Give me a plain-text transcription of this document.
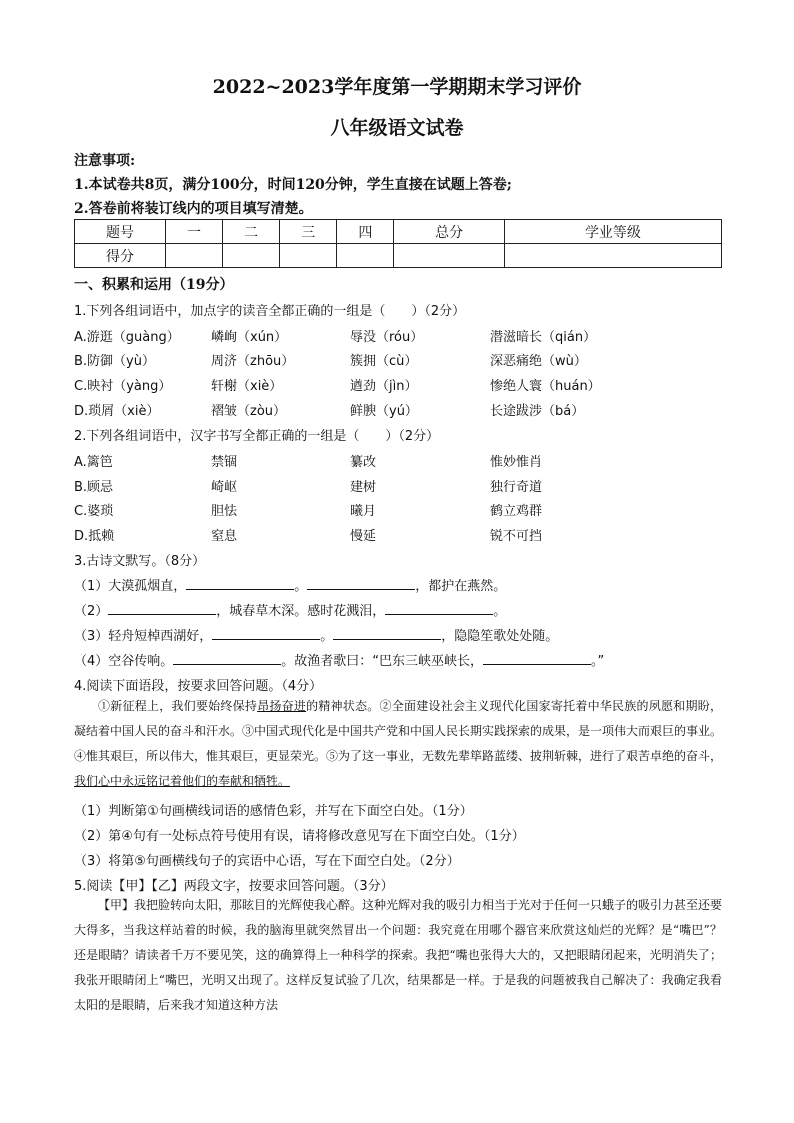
2022~2023学年度第一学期期末学习评价
八年级语文试卷
注意事项:
1.本试卷共8页，满分100分，时间120分钟，学生直接在试题上答卷;
2.答卷前将装订线内的项目填写清楚。
题号	一	二	三	四	总分	学业等级
得分						
一、积累和运用（19分）
1.下列各组词语中，加点字的读音全都正确的一组是（　　）（2分）
A.游逛（guàng） 嶙峋（xún）	辱没（róu）	潜滋暗长（qián）
B.防御（yù）	周济（zhōu）	簇拥（cù）	深恶痛绝（wù）
C.映衬（yàng）	轩榭（xiè）	遒劲（jìn）	惨绝人寰（huán）
D.琐屑（xiè）	褶皱（zòu）	鲜腴（yú）	长途跋涉（bá）
2.下列各组词语中，汉字书写全都正确的一组是（　　）（2分）
A.篱笆	禁锢	纂改	惟妙惟肖
B.顾忌	崎岖	建树	独行奇道
C.婆琐	胆怯	曦月	鹤立鸡群
D.抵赖	窒息	慢延	锐不可挡
3.古诗文默写。（8分）
（1）大漠孤烟直，	。	，都护在燕然。
（2）	，城春草木深。感时花溅泪，	。
（3）轻舟短棹西湖好，	。	，隐隐笙歌处处随。
（4）空谷传响。	。故渔者歌曰：“巴东三峡巫峡长，	。”
4.阅读下面语段，按要求回答问题。（4分）

①新征程上，我们要始终保持昂扬奋进的精神状态。②全面建设社会主义现代化国家寄托着中华民族的夙愿和期盼，凝结着中国人民的奋斗和汗水。③中国式现代化是中国共产党和中国人民长期实践探索的成果，是一项伟大而艰巨的事业。④惟其艰巨，所以伟大，惟其艰巨，更显荣光。⑤为了这一事业，无数先辈筚路蓝缕、披荆斩棘，进行了艰苦卓绝的奋斗，我们心中永远铭记着他们的奉献和牺牲。

（1）判断第①句画横线词语的感情色彩，并写在下面空白处。（1分）
（2）第④句有一处标点符号使用有误，请将修改意见写在下面空白处。（1分）
（3）将第⑤句画横线句子的宾语中心语，写在下面空白处。（2分）
5.阅读【甲】【乙】两段文字，按要求回答问题。（3分）

【甲】我把脸转向太阳，那眩目的光辉使我心醉。这种光辉对我的吸引力相当于光对于任何一只蛾子的吸引力甚至还要大得多，当我这样站着的时候，我的脑海里就突然冒出一个问题：我究竟在用哪个器官来欣赏这灿烂的光辉？是“嘴巴”？还是眼睛？请读者千万不要见笑，这的确算得上一种科学的探索。我把“嘴也张得大大的，又把眼睛闭起来，光明消失了；我张开眼睛闭上“嘴巴，光明又出现了。这样反复试验了几次，结果都是一样。于是我的问题被我自己解决了：我确定我看太阳的是眼睛，后来我才知道这种方法
